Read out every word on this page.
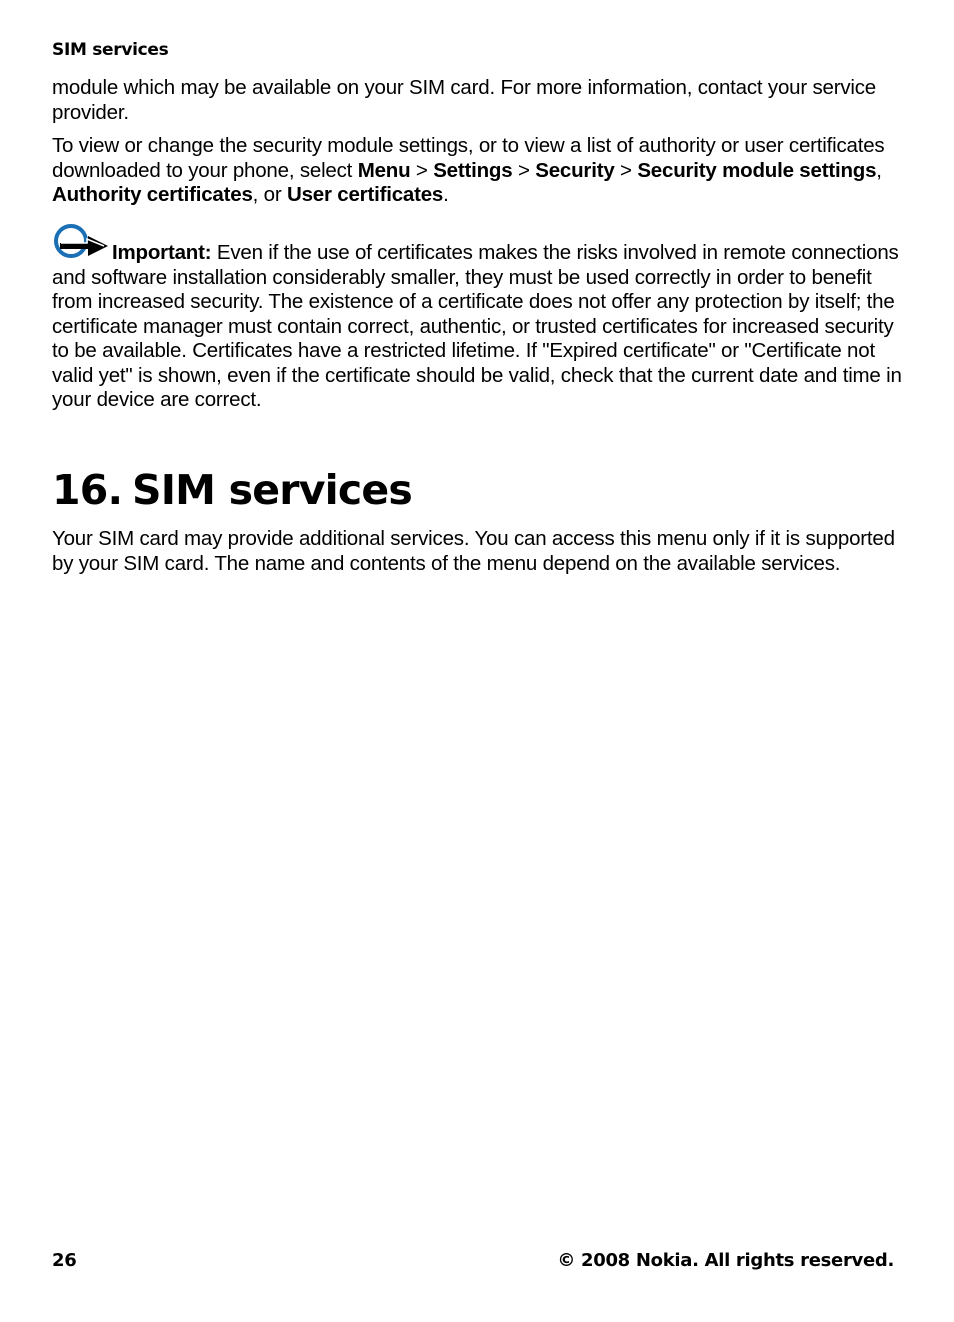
SIM services
module which may be available on your SIM card. For more information, contact your service provider.
To view or change the security module settings, or to view a list of authority or user certificates downloaded to your phone, select Menu > Settings > Security > Security module settings, Authority certificates, or User certificates.
Important: Even if the use of certificates makes the risks involved in remote connections and software installation considerably smaller, they must be used correctly in order to benefit from increased security. The existence of a certificate does not offer any protection by itself; the certificate manager must contain correct, authentic, or trusted certificates for increased security to be available. Certificates have a restricted lifetime. If "Expired certificate" or "Certificate not valid yet" is shown, even if the certificate should be valid, check that the current date and time in your device are correct.
16. SIM services
Your SIM card may provide additional services. You can access this menu only if it is supported by your SIM card. The name and contents of the menu depend on the available services.
26	© 2008 Nokia. All rights reserved.
